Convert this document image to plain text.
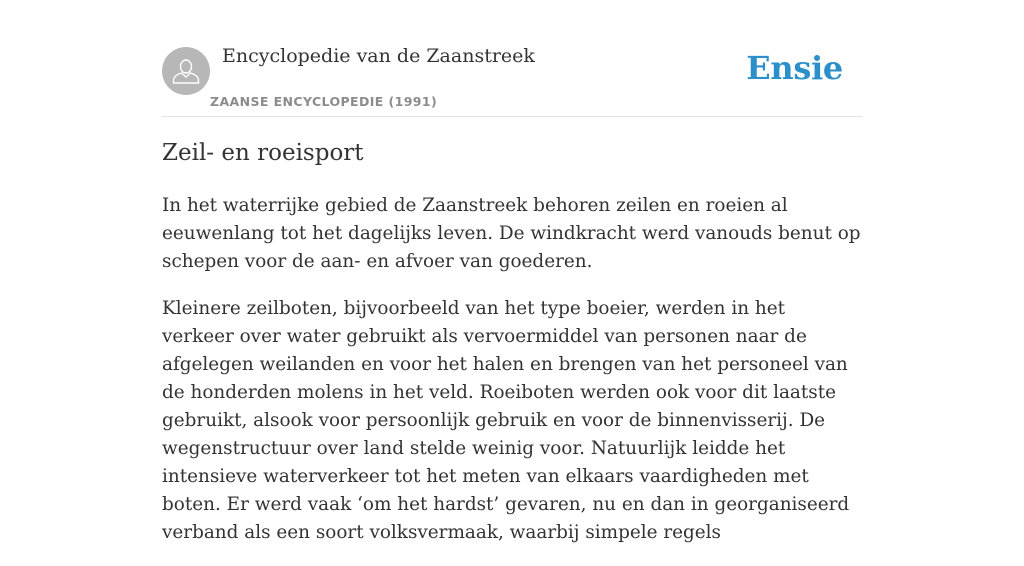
Encyclopedie van de Zaanstreek
ZAANSE ENCYCLOPEDIE (1991)
Ensie
Zeil- en roeisport

In het waterrijke gebied de Zaanstreek behoren zeilen en roeien al eeuwenlang tot het dagelijks leven. De windkracht werd vanouds benut op schepen voor de aan- en afvoer van goederen.

Kleinere zeilboten, bijvoorbeeld van het type boeier, werden in het verkeer over water gebruikt als vervoermiddel van personen naar de afgelegen weilanden en voor het halen en brengen van het personeel van de honderden molens in het veld. Roeiboten werden ook voor dit laatste gebruikt, alsook voor persoonlijk gebruik en voor de binnenvisserij. De wegenstructuur over land stelde weinig voor. Natuurlijk leidde het intensieve waterverkeer tot het meten van elkaars vaardigheden met boten. Er werd vaak ‘om het hardst’ gevaren, nu en dan in georganiseerd verband als een soort volksvermaak, waarbij simpele regels
